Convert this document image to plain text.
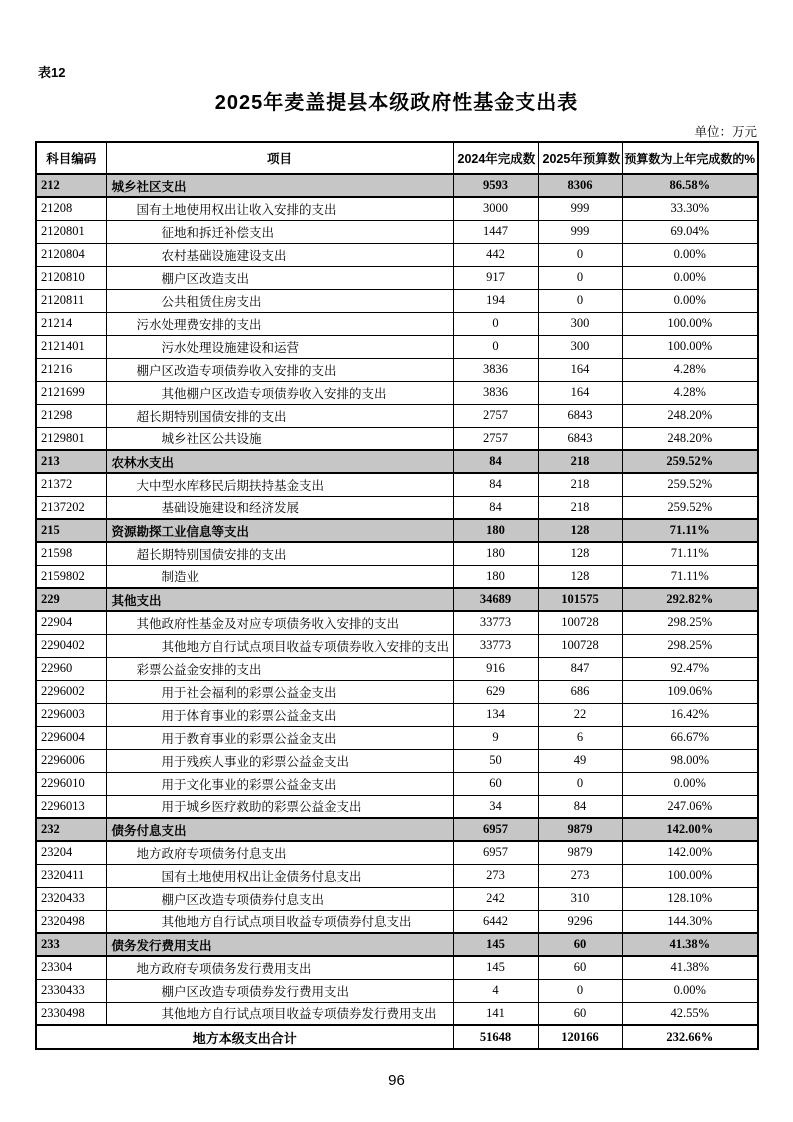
表12
2025年麦盖提县本级政府性基金支出表
单位：万元
科目编码	项目	2024年完成数	2025年预算数	预算数为上年完成数的%
212	城乡社区支出	9593	8306	86.58%
21208	国有土地使用权出让收入安排的支出	3000	999	33.30%
2120801	征地和拆迁补偿支出	1447	999	69.04%
2120804	农村基础设施建设支出	442	0	0.00%
2120810	棚户区改造支出	917	0	0.00%
2120811	公共租赁住房支出	194	0	0.00%
21214	污水处理费安排的支出	0	300	100.00%
2121401	污水处理设施建设和运营	0	300	100.00%
21216	棚户区改造专项债券收入安排的支出	3836	164	4.28%
2121699	其他棚户区改造专项债券收入安排的支出	3836	164	4.28%
21298	超长期特别国债安排的支出	2757	6843	248.20%
2129801	城乡社区公共设施	2757	6843	248.20%
213	农林水支出	84	218	259.52%
21372	大中型水库移民后期扶持基金支出	84	218	259.52%
2137202	基础设施建设和经济发展	84	218	259.52%
215	资源勘探工业信息等支出	180	128	71.11%
21598	超长期特别国债安排的支出	180	128	71.11%
2159802	制造业	180	128	71.11%
229	其他支出	34689	101575	292.82%
22904	其他政府性基金及对应专项债务收入安排的支出	33773	100728	298.25%
2290402	其他地方自行试点项目收益专项债券收入安排的支出	33773	100728	298.25%
22960	彩票公益金安排的支出	916	847	92.47%
2296002	用于社会福利的彩票公益金支出	629	686	109.06%
2296003	用于体育事业的彩票公益金支出	134	22	16.42%
2296004	用于教育事业的彩票公益金支出	9	6	66.67%
2296006	用于残疾人事业的彩票公益金支出	50	49	98.00%
2296010	用于文化事业的彩票公益金支出	60	0	0.00%
2296013	用于城乡医疗救助的彩票公益金支出	34	84	247.06%
232	债务付息支出	6957	9879	142.00%
23204	地方政府专项债务付息支出	6957	9879	142.00%
2320411	国有土地使用权出让金债务付息支出	273	273	100.00%
2320433	棚户区改造专项债券付息支出	242	310	128.10%
2320498	其他地方自行试点项目收益专项债券付息支出	6442	9296	144.30%
233	债务发行费用支出	145	60	41.38%
23304	地方政府专项债务发行费用支出	145	60	41.38%
2330433	棚户区改造专项债券发行费用支出	4	0	0.00%
2330498	其他地方自行试点项目收益专项债券发行费用支出	141	60	42.55%
地方本级支出合计		51648	120166	232.66%
96
